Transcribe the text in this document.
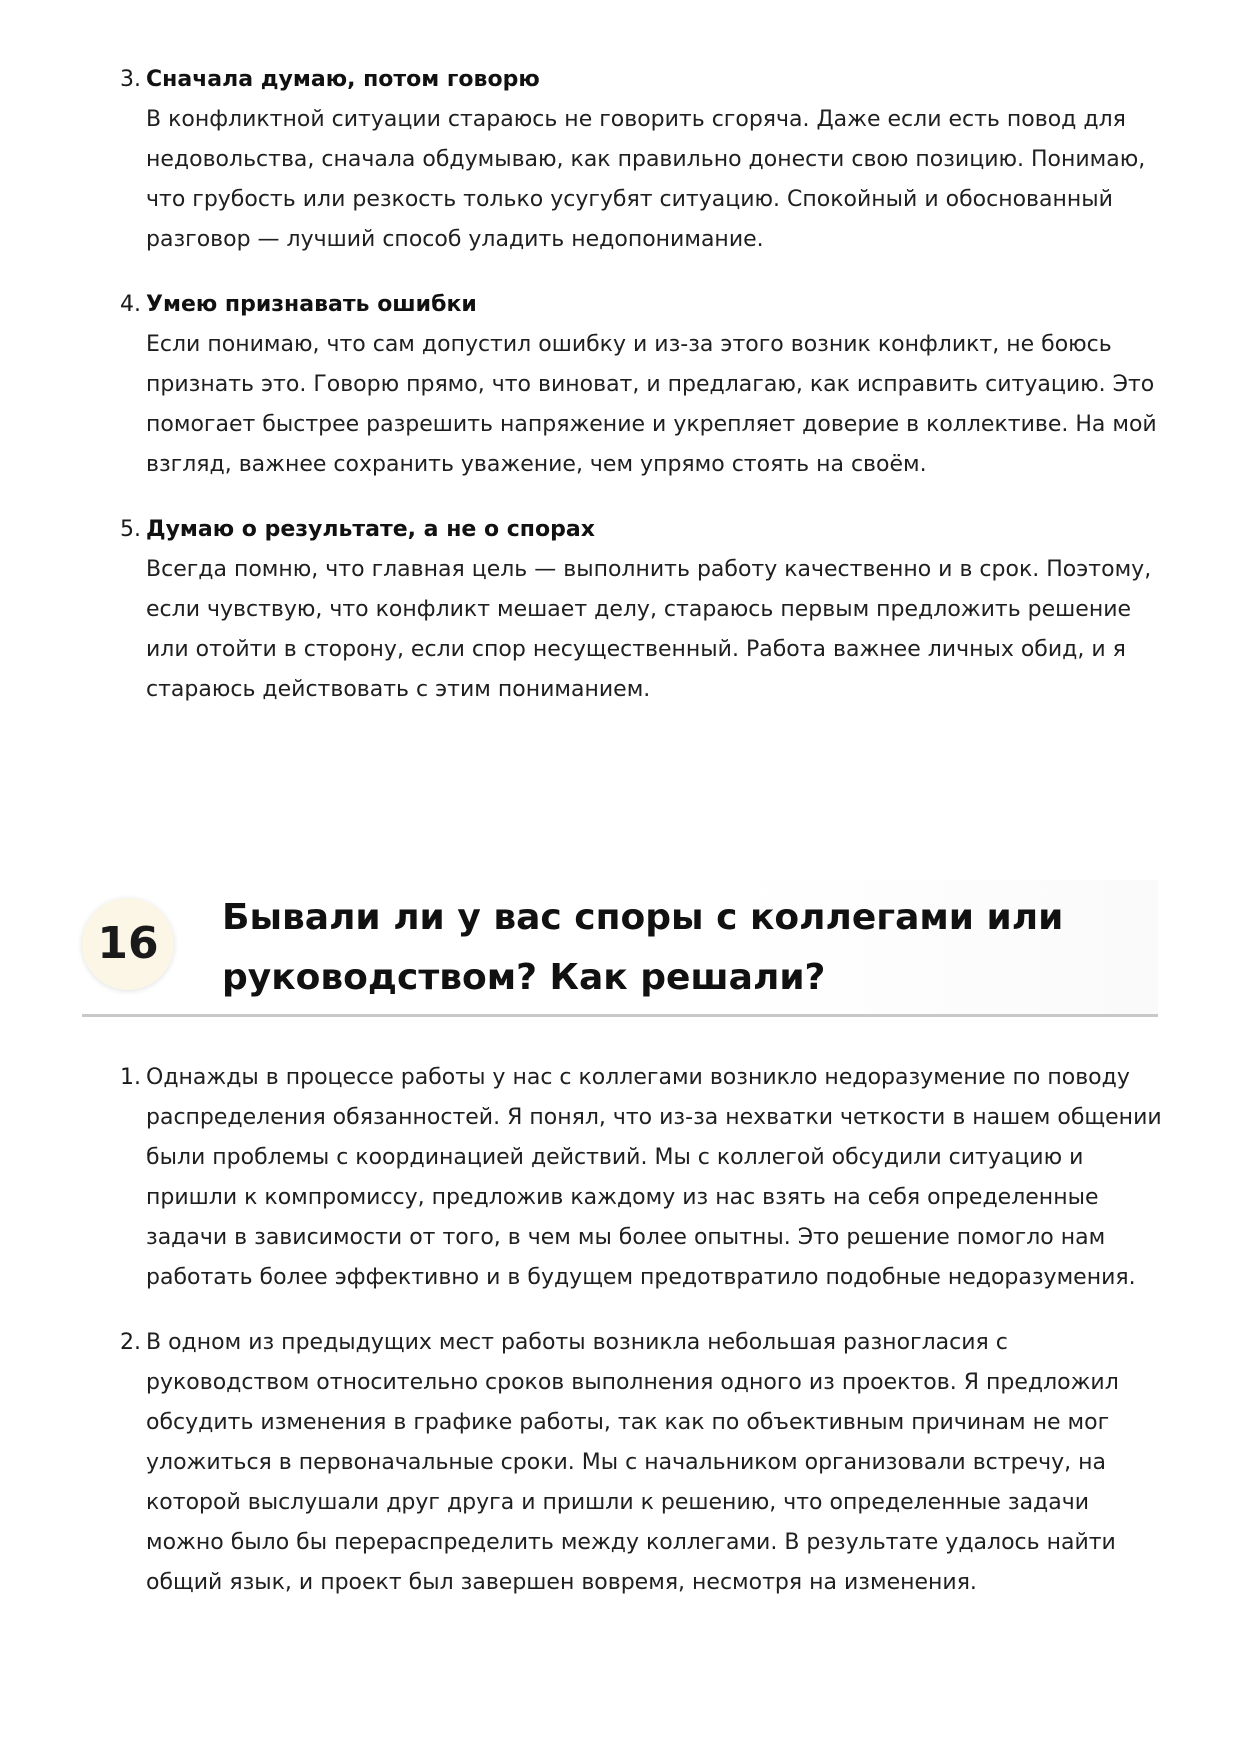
3. Сначала думаю, потом говорю

В конфликтной ситуации стараюсь не говорить сгоряча. Даже если есть повод для недовольства, сначала обдумываю, как правильно донести свою позицию. Понимаю, что грубость или резкость только усугубят ситуацию. Спокойный и обоснованный разговор — лучший способ уладить недопонимание.

4. Умею признавать ошибки

Если понимаю, что сам допустил ошибку и из-за этого возник конфликт, не боюсь признать это. Говорю прямо, что виноват, и предлагаю, как исправить ситуацию. Это помогает быстрее разрешить напряжение и укрепляет доверие в коллективе. На мой взгляд, важнее сохранить уважение, чем упрямо стоять на своём.

5. Думаю о результате, а не о спорах

Всегда помню, что главная цель — выполнить работу качественно и в срок. Поэтому, если чувствую, что конфликт мешает делу, стараюсь первым предложить решение или отойти в сторону, если спор несущественный. Работа важнее личных обид, и я стараюсь действовать с этим пониманием.

16
Бывали ли у вас споры с коллегами или руководством? Как решали?
1. Однажды в процессе работы у нас с коллегами возникло недоразумение по поводу распределения обязанностей. Я понял, что из-за нехватки четкости в нашем общении были проблемы с координацией действий. Мы с коллегой обсудили ситуацию и пришли к компромиссу, предложив каждому из нас взять на себя определенные задачи в зависимости от того, в чем мы более опытны. Это решение помогло нам работать более эффективно и в будущем предотвратило подобные недоразумения.

2. В одном из предыдущих мест работы возникла небольшая разногласия с руководством относительно сроков выполнения одного из проектов. Я предложил обсудить изменения в графике работы, так как по объективным причинам не мог уложиться в первоначальные сроки. Мы с начальником организовали встречу, на которой выслушали друг друга и пришли к решению, что определенные задачи можно было бы перераспределить между коллегами. В результате удалось найти общий язык, и проект был завершен вовремя, несмотря на изменения.
